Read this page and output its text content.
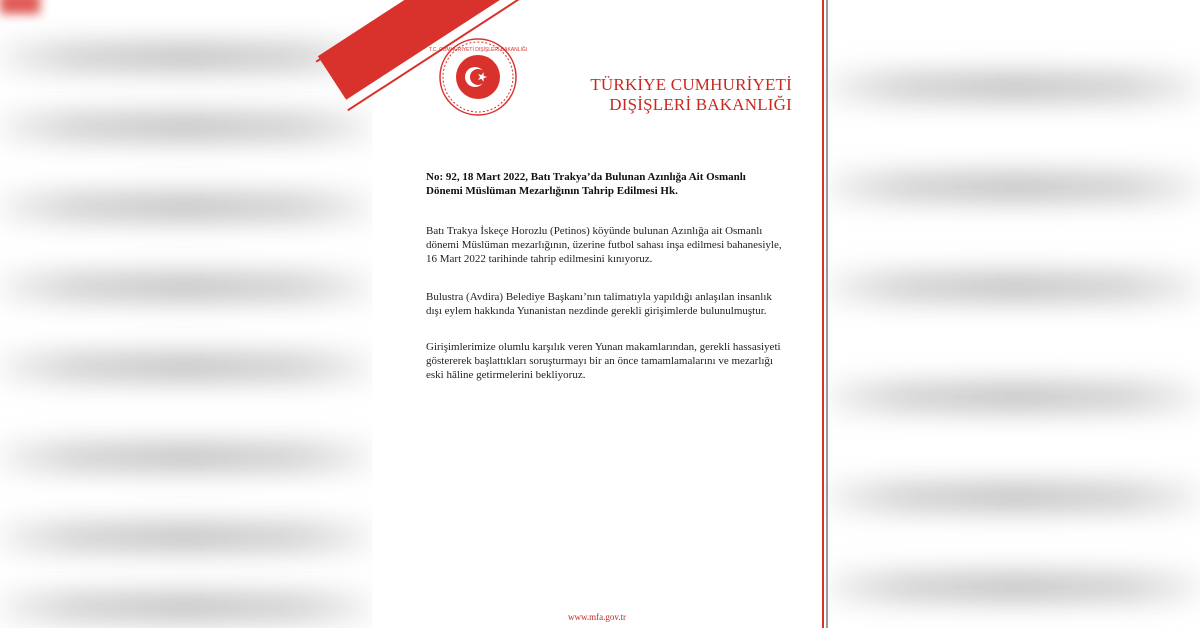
T.C. CUMHURİYETİ DIŞİŞLERİ BAKANLIĞI
TÜRKİYE CUMHURİYETİ
DIŞİŞLERİ BAKANLIĞI
No: 92, 18 Mart 2022, Batı Trakya’da Bulunan Azınlığa Ait Osmanlı
Dönemi Müslüman Mezarlığının Tahrip Edilmesi Hk.
Batı Trakya İskeçe Horozlu (Petinos) köyünde bulunan Azınlığa ait Osmanlı
dönemi Müslüman mezarlığının, üzerine futbol sahası inşa edilmesi bahanesiyle,
16 Mart 2022 tarihinde tahrip edilmesini kınıyoruz.
Bulustra (Avdira) Belediye Başkanı’nın talimatıyla yapıldığı anlaşılan insanlık
dışı eylem hakkında Yunanistan nezdinde gerekli girişimlerde bulunulmuştur.
Girişimlerimize olumlu karşılık veren Yunan makamlarından, gerekli hassasiyeti
göstererek başlattıkları soruşturmayı bir an önce tamamlamalarını ve mezarlığı
eski hâline getirmelerini bekliyoruz.
www.mfa.gov.tr
